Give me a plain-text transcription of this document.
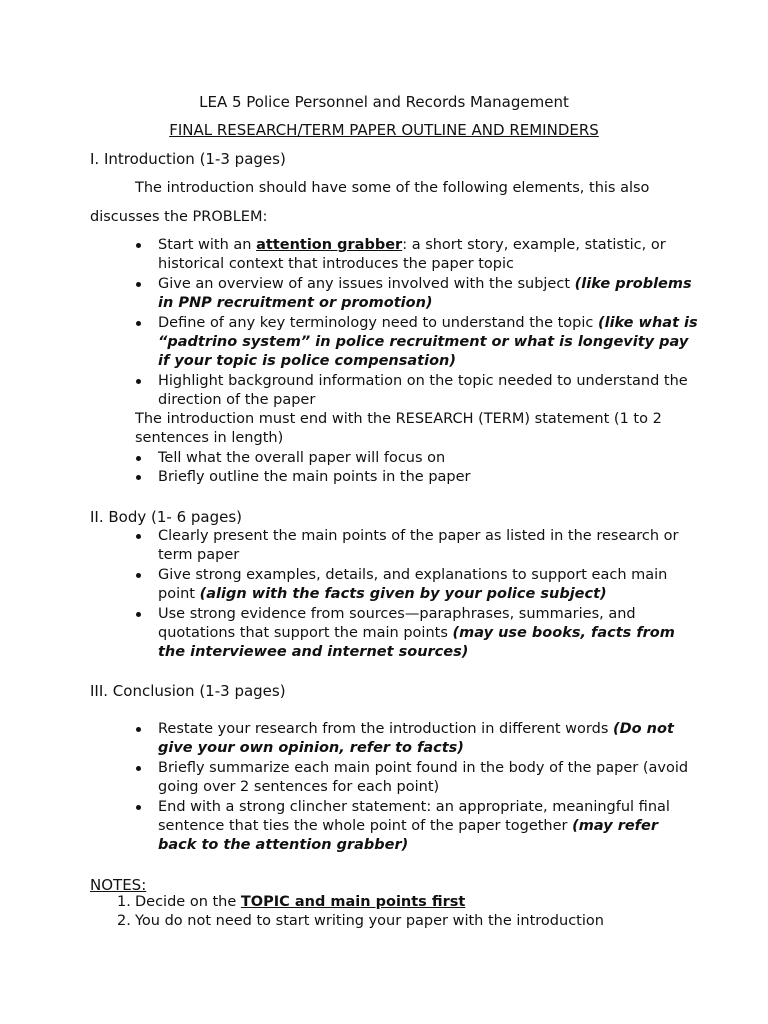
LEA 5 Police Personnel and Records Management
FINAL RESEARCH/TERM PAPER OUTLINE AND REMINDERS
I. Introduction (1-3 pages)
The introduction should have some of the following elements, this also
discusses the PROBLEM:
Start with an attention grabber: a short story, example, statistic, or historical context that introduces the paper topic
Give an overview of any issues involved with the subject (like problems in PNP recruitment or promotion)
Define of any key terminology need to understand the topic (like what is “padtrino system” in police recruitment or what is longevity pay if your topic is police compensation)
Highlight background information on the topic needed to understand the direction of the paper
The introduction must end with the RESEARCH (TERM) statement (1 to 2 sentences in length)
Tell what the overall paper will focus on
Briefly outline the main points in the paper
II. Body (1- 6 pages)
Clearly present the main points of the paper as listed in the research or term paper
Give strong examples, details, and explanations to support each main point (align with the facts given by your police subject)
Use strong evidence from sources—paraphrases, summaries, and quotations that support the main points (may use books, facts from the interviewee and internet sources)
III. Conclusion (1-3 pages)
Restate your research from the introduction in different words (Do not give your own opinion, refer to facts)
Briefly summarize each main point found in the body of the paper (avoid going over 2 sentences for each point)
End with a strong clincher statement: an appropriate, meaningful final sentence that ties the whole point of the paper together (may refer back to the attention grabber)
NOTES:
1. Decide on the TOPIC and main points first
2. You do not need to start writing your paper with the introduction
